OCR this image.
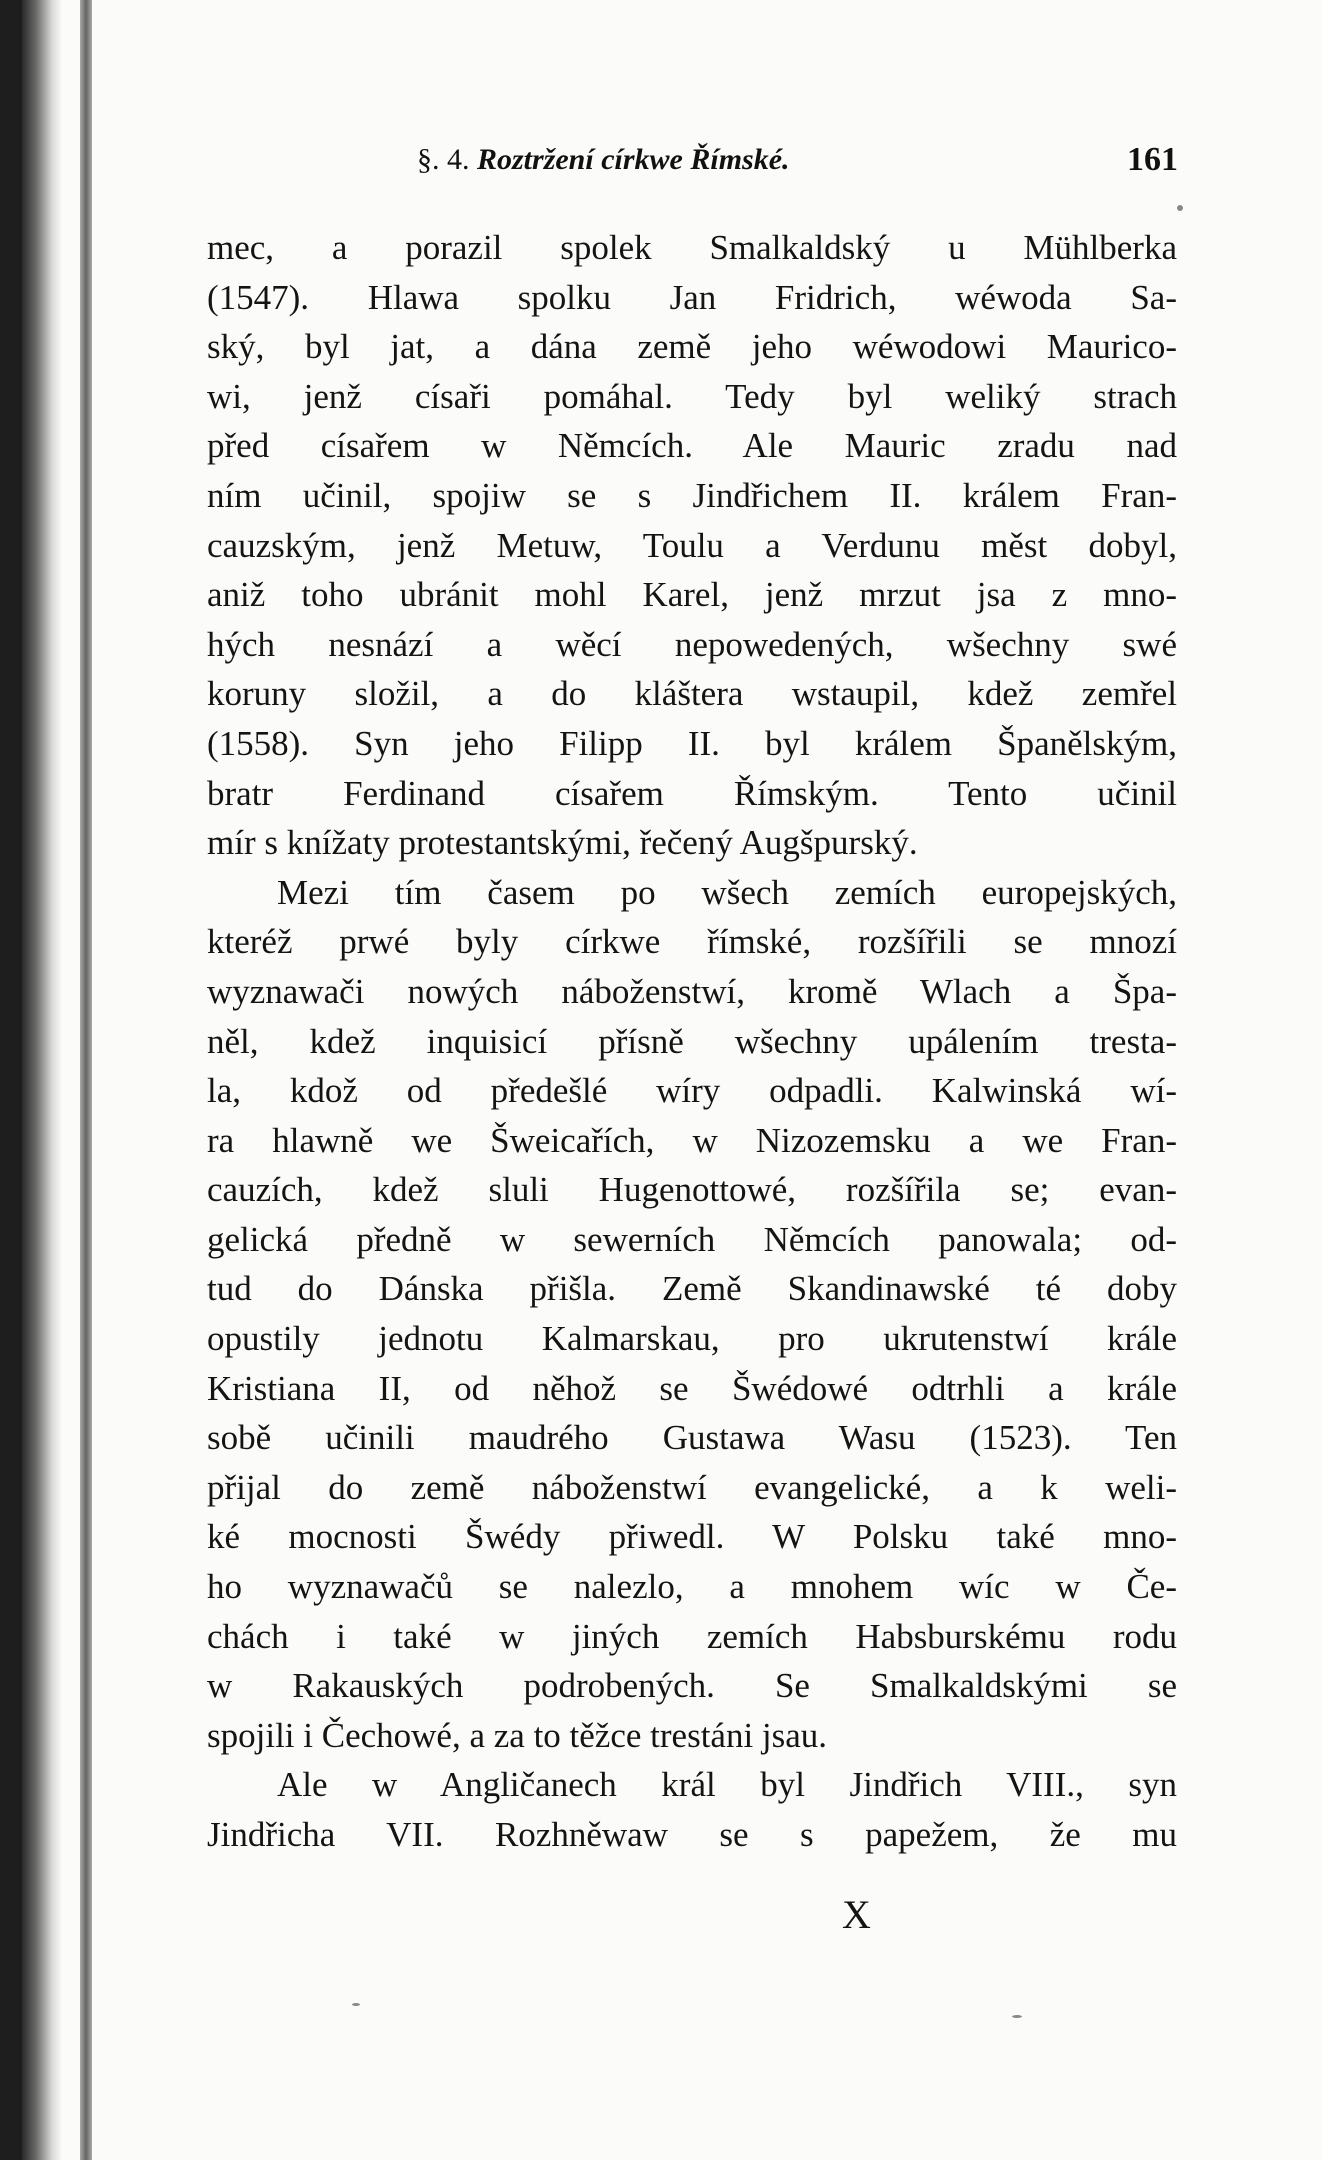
§. 4. Roztržení církwe Římské.	161
mec, a porazil spolek Smalkaldský u Mühlberka
(1547). Hlawa spolku Jan Fridrich, wéwoda Sa-
ský, byl jat, a dána země jeho wéwodowi Maurico-
wi, jenž císaři pomáhal. Tedy byl weliký strach
před císařem w Němcích. Ale Mauric zradu nad
ním učinil, spojiw se s Jindřichem II. králem Fran-
cauzským, jenž Metuw, Toulu a Verdunu měst dobyl,
aniž toho ubránit mohl Karel, jenž mrzut jsa z mno-
hých nesnází a wěcí nepowedených, wšechny swé
koruny složil, a do kláštera wstaupil, kdež zemřel
(1558). Syn jeho Filipp II. byl králem Španělským,
bratr Ferdinand císařem Římským. Tento učinil
mír s knížaty protestantskými, řečený Augšpurský.
Mezi tím časem po wšech zemích europejských,
kteréž prwé byly církwe římské, rozšířili se mnozí
wyznawači nowých náboženstwí, kromě Wlach a Špa-
něl, kdež inquisicí přísně wšechny upálením tresta-
la, kdož od předešlé wíry odpadli. Kalwinská wí-
ra hlawně we Šweicařích, w Nizozemsku a we Fran-
cauzích, kdež sluli Hugenottowé, rozšířila se; evan-
gelická předně w sewerních Němcích panowala; od-
tud do Dánska přišla. Země Skandinawské té doby
opustily jednotu Kalmarskau, pro ukrutenstwí krále
Kristiana II, od něhož se Šwédowé odtrhli a krále
sobě učinili maudrého Gustawa Wasu (1523). Ten
přijal do země náboženstwí evangelické, a k weli-
ké mocnosti Šwédy přiwedl. W Polsku také mno-
ho wyznawačů se nalezlo, a mnohem wíc w Če-
chách i také w jiných zemích Habsburskému rodu
w Rakauských podrobených. Se Smalkaldskými se
spojili i Čechowé, a za to těžce trestáni jsau.
Ale w Angličanech král byl Jindřich VIII., syn
Jindřicha VII. Rozhněwaw se s papežem, že mu
X
